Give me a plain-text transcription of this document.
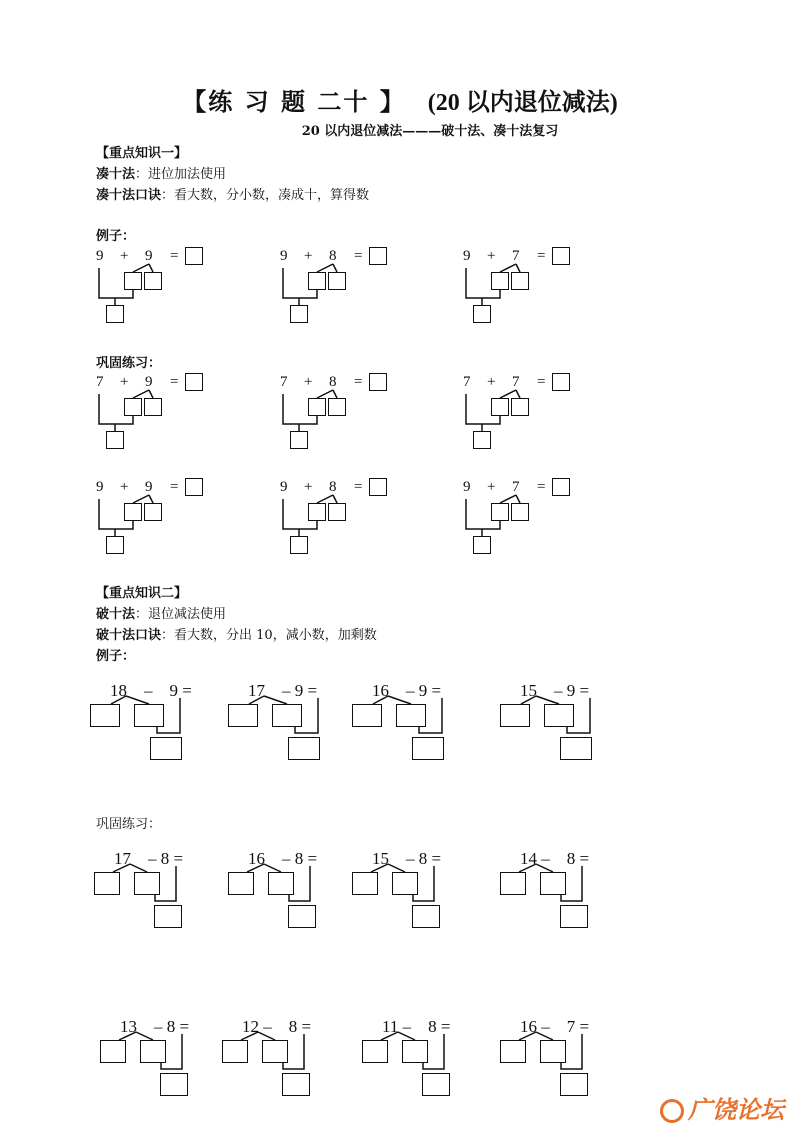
【练 习 题 二十 】 (20 以内退位减法)
20 以内退位减法———破十法、凑十法复习
【重点知识一】
凑十法：进位加法使用
凑十法口诀：看大数，分小数，凑成十，算得数
例子：
巩固练习：
9 + 9 =	9 + 8 =	9 + 7 =
7 + 9 =	7 + 8 =	7 + 7 =
9 + 9 =	9 + 8 =	9 + 7 =
【重点知识二】
破十法：退位减法使用
破十法口诀：看大数，分出 10，减小数，加剩数
例子：
巩固练习：
18　–　9 =	17　– 9 =	16　– 9 =	15　– 9 =
17　– 8 =	16　– 8 =	15　– 8 =	14 –　8 =
13　– 8 =	12 –　8 =	11 –　8 =	16 –　7 =
广饶论坛
